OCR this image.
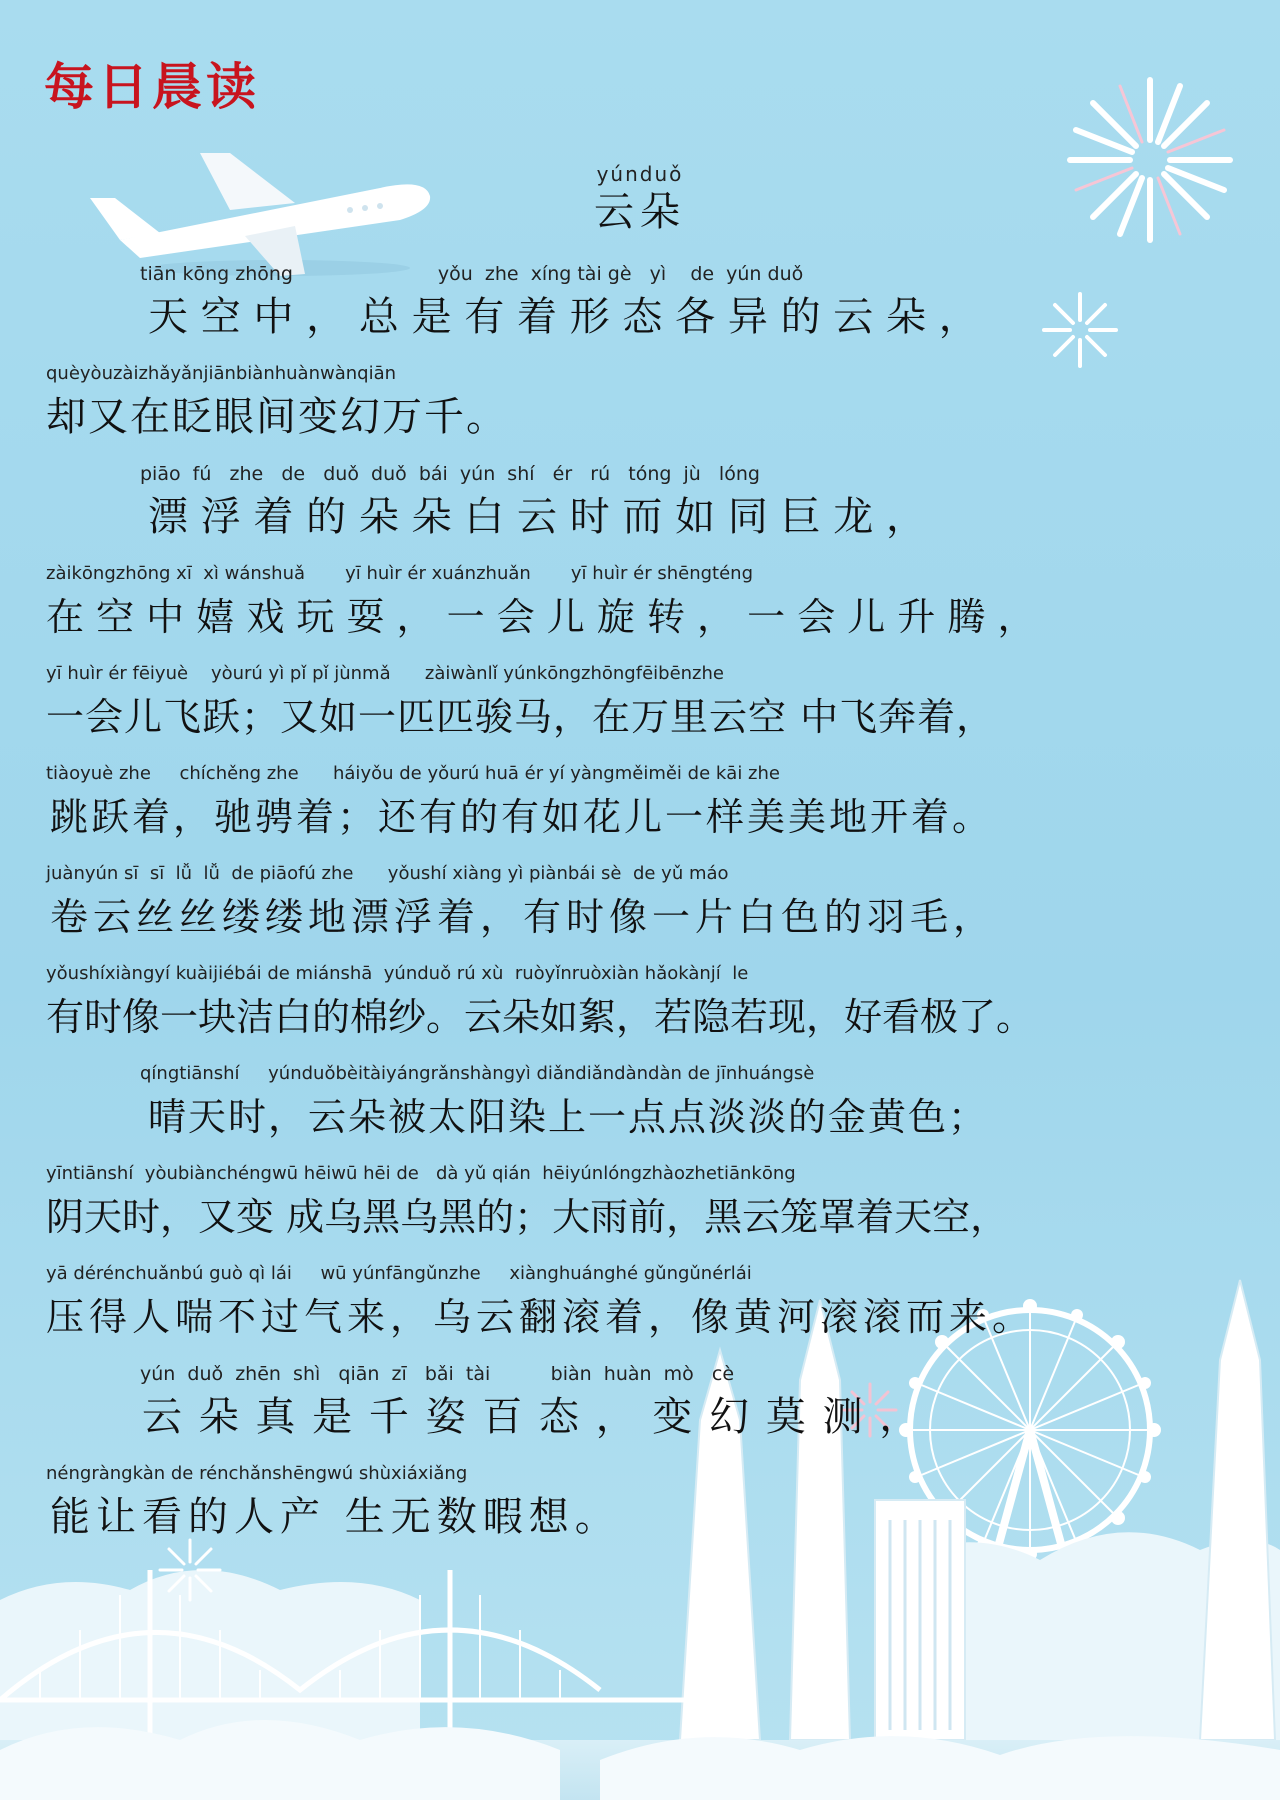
每日晨读
yúnduǒ
云朵
tiān kōng zhōng                        yǒu  zhe  xíng tài gè   yì    de  yún duǒ
天 空 中 ， 总 是 有 着 形 态 各 异 的 云 朵 ，
quèyòuzàizhǎyǎnjiānbiànhuànwànqiān
却又在眨眼间变幻万千。
piāo  fú   zhe   de   duǒ  duǒ  bái  yún  shí   ér   rú   tóng  jù   lóng
漂 浮 着 的 朵 朵 白 云 时 而 如 同 巨 龙 ，
zàikōngzhōng xī  xì wánshuǎ       yī huìr ér xuánzhuǎn       yī huìr ér shēngténg
在 空 中 嬉 戏 玩 耍 ， 一 会 儿 旋 转 ， 一 会 儿 升 腾 ，
yī huìr ér fēiyuè    yòurú yì pǐ pǐ jùnmǎ      zàiwànlǐ yúnkōngzhōngfēibēnzhe
一会儿飞跃；又如一匹匹骏马，在万里云空 中飞奔着，
tiàoyuè zhe     chíchěng zhe      háiyǒu de yǒurú huā ér yí yàngměiměi de kāi zhe
跳跃着，驰骋着；还有的有如花儿一样美美地开着。
juànyún sī  sī  lǚ  lǚ  de piāofú zhe      yǒushí xiàng yì piànbái sè  de yǔ máo
卷云丝丝缕缕地漂浮着，有时像一片白色的羽毛，
yǒushíxiàngyí kuàijiébái de miánshā  yúnduǒ rú xù  ruòyǐnruòxiàn hǎokànjí  le
有时像一块洁白的棉纱。云朵如絮，若隐若现，好看极了。
qíngtiānshí     yúnduǒbèitàiyángrǎnshàngyì diǎndiǎndàndàn de jīnhuángsè
晴天时，云朵被太阳染上一点点淡淡的金黄色；
yīntiānshí  yòubiànchéngwū hēiwū hēi de   dà yǔ qián  hēiyúnlóngzhàozhetiānkōng
阴天时，又变 成乌黑乌黑的；大雨前，黑云笼罩着天空，
yā dérénchuǎnbú guò qì lái     wū yúnfāngǔnzhe     xiànghuánghé gǔngǔnérlái
压得人喘不过气来，乌云翻滚着，像黄河滚滚而来。
yún  duǒ  zhēn  shì   qiān  zī   bǎi  tài          biàn  huàn  mò   cè
云 朵 真 是 千 姿 百 态 ， 变 幻 莫 测 ，
néngràngkàn de rénchǎnshēngwú shùxiáxiǎng
能让看的人产 生无数暇想。
